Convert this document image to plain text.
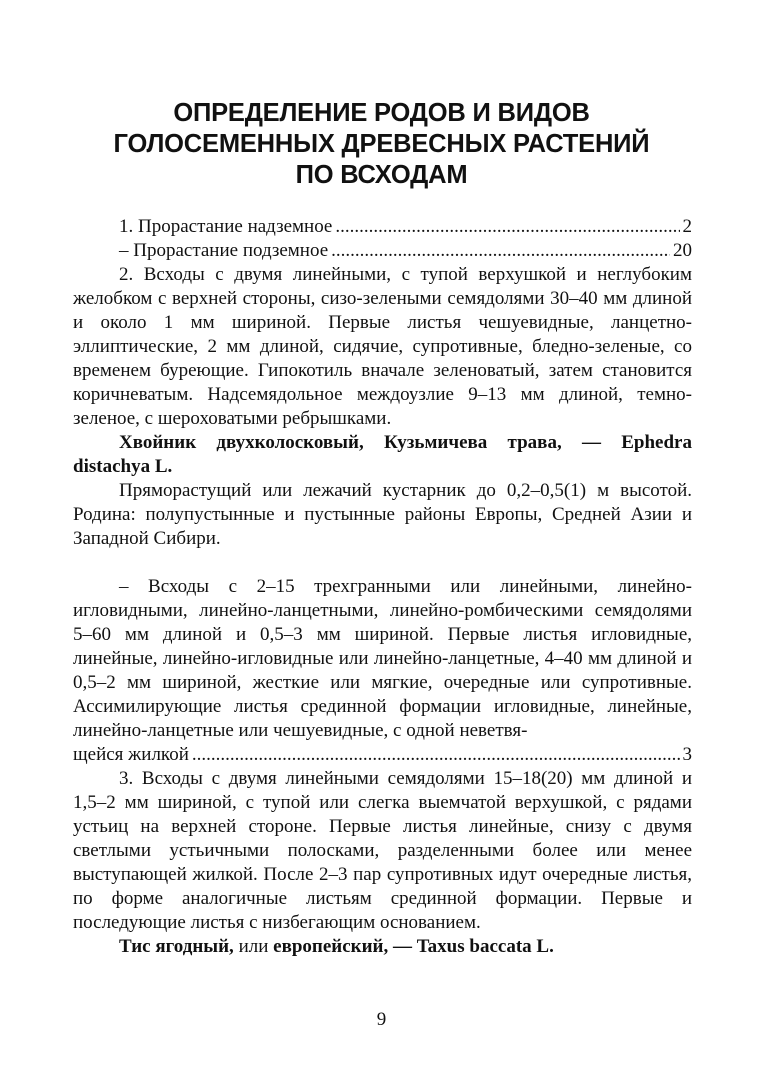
ОПРЕДЕЛЕНИЕ РОДОВ И ВИДОВ
ГОЛОСЕМЕННЫХ ДРЕВЕСНЫХ РАСТЕНИЙ
ПО ВСХОДАМ
1. Прорастание надземное .....	2
– Прорастание подземное .....	20

2. Всходы с двумя линейными, с тупой верхушкой и неглубоким желобком с верхней стороны, сизо-зелеными семядолями 30–40 мм длиной и около 1 мм шириной. Первые листья чешуевидные, ланцетно-эллиптические, 2 мм длиной, сидячие, супротивные, бледно-зеленые, со временем буреющие. Гипокотиль вначале зеленоватый, затем становится коричневатым. Надсемядольное междоузлие 9–13 мм длиной, темно-зеленое, с шероховатыми ребрышками.

Хвойник двухколосковый, Кузьмичева трава, — Ephedra distachya L.

Пряморастущий или лежачий кустарник до 0,2–0,5(1) м высотой. Родина: полупустынные и пустынные районы Европы, Средней Азии и Западной Сибири.

– Всходы с 2–15 трехгранными или линейными, линейно-игловидными, линейно-ланцетными, линейно-ромбическими семядолями 5–60 мм длиной и 0,5–3 мм шириной. Первые листья игловидные, линейные, линейно-игловидные или линейно-ланцетные, 4–40 мм длиной и 0,5–2 мм шириной, жесткие или мягкие, очередные или супротивные. Ассимилирующие листья срединной формации игловидные, линейные, линейно-ланцетные или чешуевидные, с одной неветвя-

щейся жилкой .....	3

3. Всходы с двумя линейными семядолями 15–18(20) мм длиной и 1,5–2 мм шириной, с тупой или слегка выемчатой верхушкой, с рядами устьиц на верхней стороне. Первые листья линейные, снизу с двумя светлыми устьичными полосками, разделенными более или менее выступающей жилкой. После 2–3 пар супротивных идут очередные листья, по форме аналогичные листьям срединной формации. Первые и последующие листья с низбегающим основанием.

Тис ягодный, или европейский, — Taxus baccata L.

9
